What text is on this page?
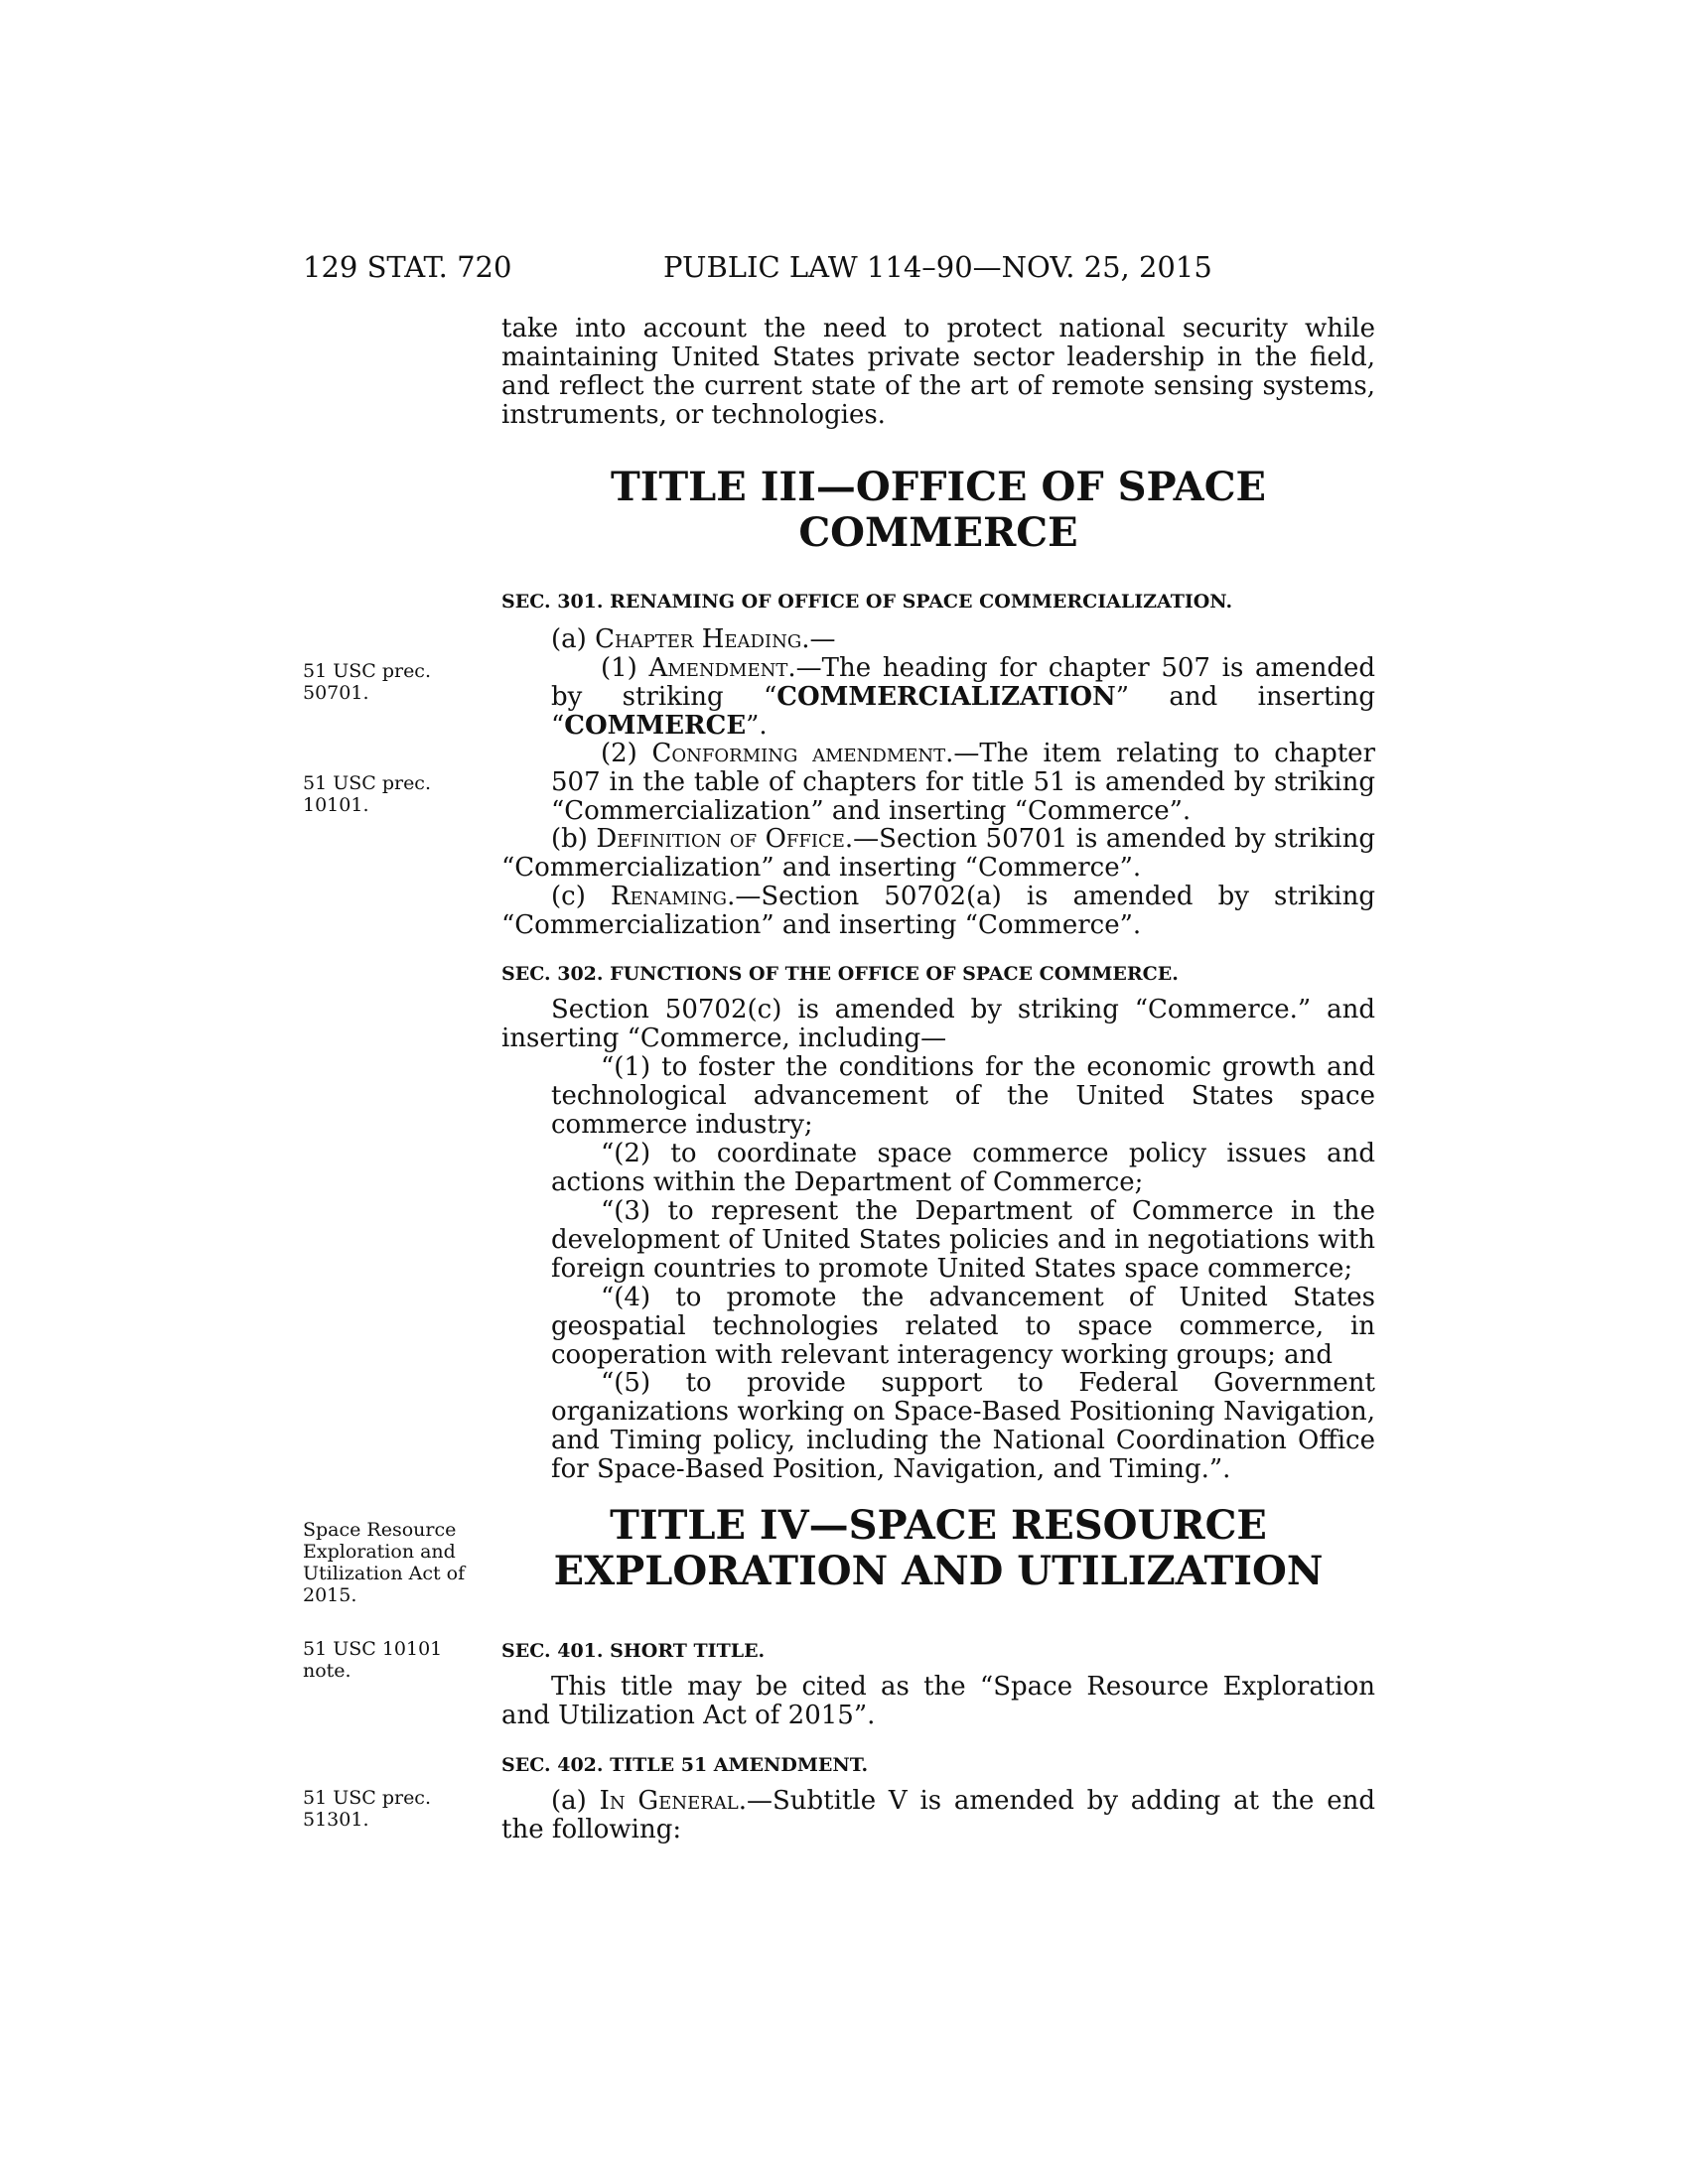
129 STAT. 720	PUBLIC LAW 114–90—NOV. 25, 2015

take into account the need to protect national security while maintaining United States private sector leadership in the field, and reflect the current state of the art of remote sensing systems, instruments, or technologies.

TITLE III—OFFICE OF SPACE
COMMERCE
SEC. 301. RENAMING OF OFFICE OF SPACE COMMERCIALIZATION.

(a) Chapter Heading.—

(1) Amendment.—The heading for chapter 507 is amended by striking “COMMERCIALIZATION” and inserting “COMMERCE”.

(2) Conforming amendment.—The item relating to chapter 507 in the table of chapters for title 51 is amended by striking “Commercialization” and inserting “Commerce”.

(b) Definition of Office.—Section 50701 is amended by striking “Commercialization” and inserting “Commerce”.

(c) Renaming.—Section 50702(a) is amended by striking “Commercialization” and inserting “Commerce”.

SEC. 302. FUNCTIONS OF THE OFFICE OF SPACE COMMERCE.

Section 50702(c) is amended by striking “Commerce.” and inserting “Commerce, including—

“(1) to foster the conditions for the economic growth and technological advancement of the United States space commerce industry;

“(2) to coordinate space commerce policy issues and actions within the Department of Commerce;

“(3) to represent the Department of Commerce in the development of United States policies and in negotiations with foreign countries to promote United States space commerce;

“(4) to promote the advancement of United States geospatial technologies related to space commerce, in cooperation with relevant interagency working groups; and

“(5) to provide support to Federal Government organizations working on Space-Based Positioning Navigation, and Timing policy, including the National Coordination Office for Space-Based Position, Navigation, and Timing.”.

TITLE IV—SPACE RESOURCE
EXPLORATION AND UTILIZATION
SEC. 401. SHORT TITLE.

This title may be cited as the “Space Resource Exploration and Utilization Act of 2015”.

SEC. 402. TITLE 51 AMENDMENT.

(a) In General.—Subtitle V is amended by adding at the end the following:

51 USC prec. 50701.
51 USC prec. 10101.
Space Resource Exploration and Utilization Act of 2015.
51 USC 10101 note.
51 USC prec. 51301.
